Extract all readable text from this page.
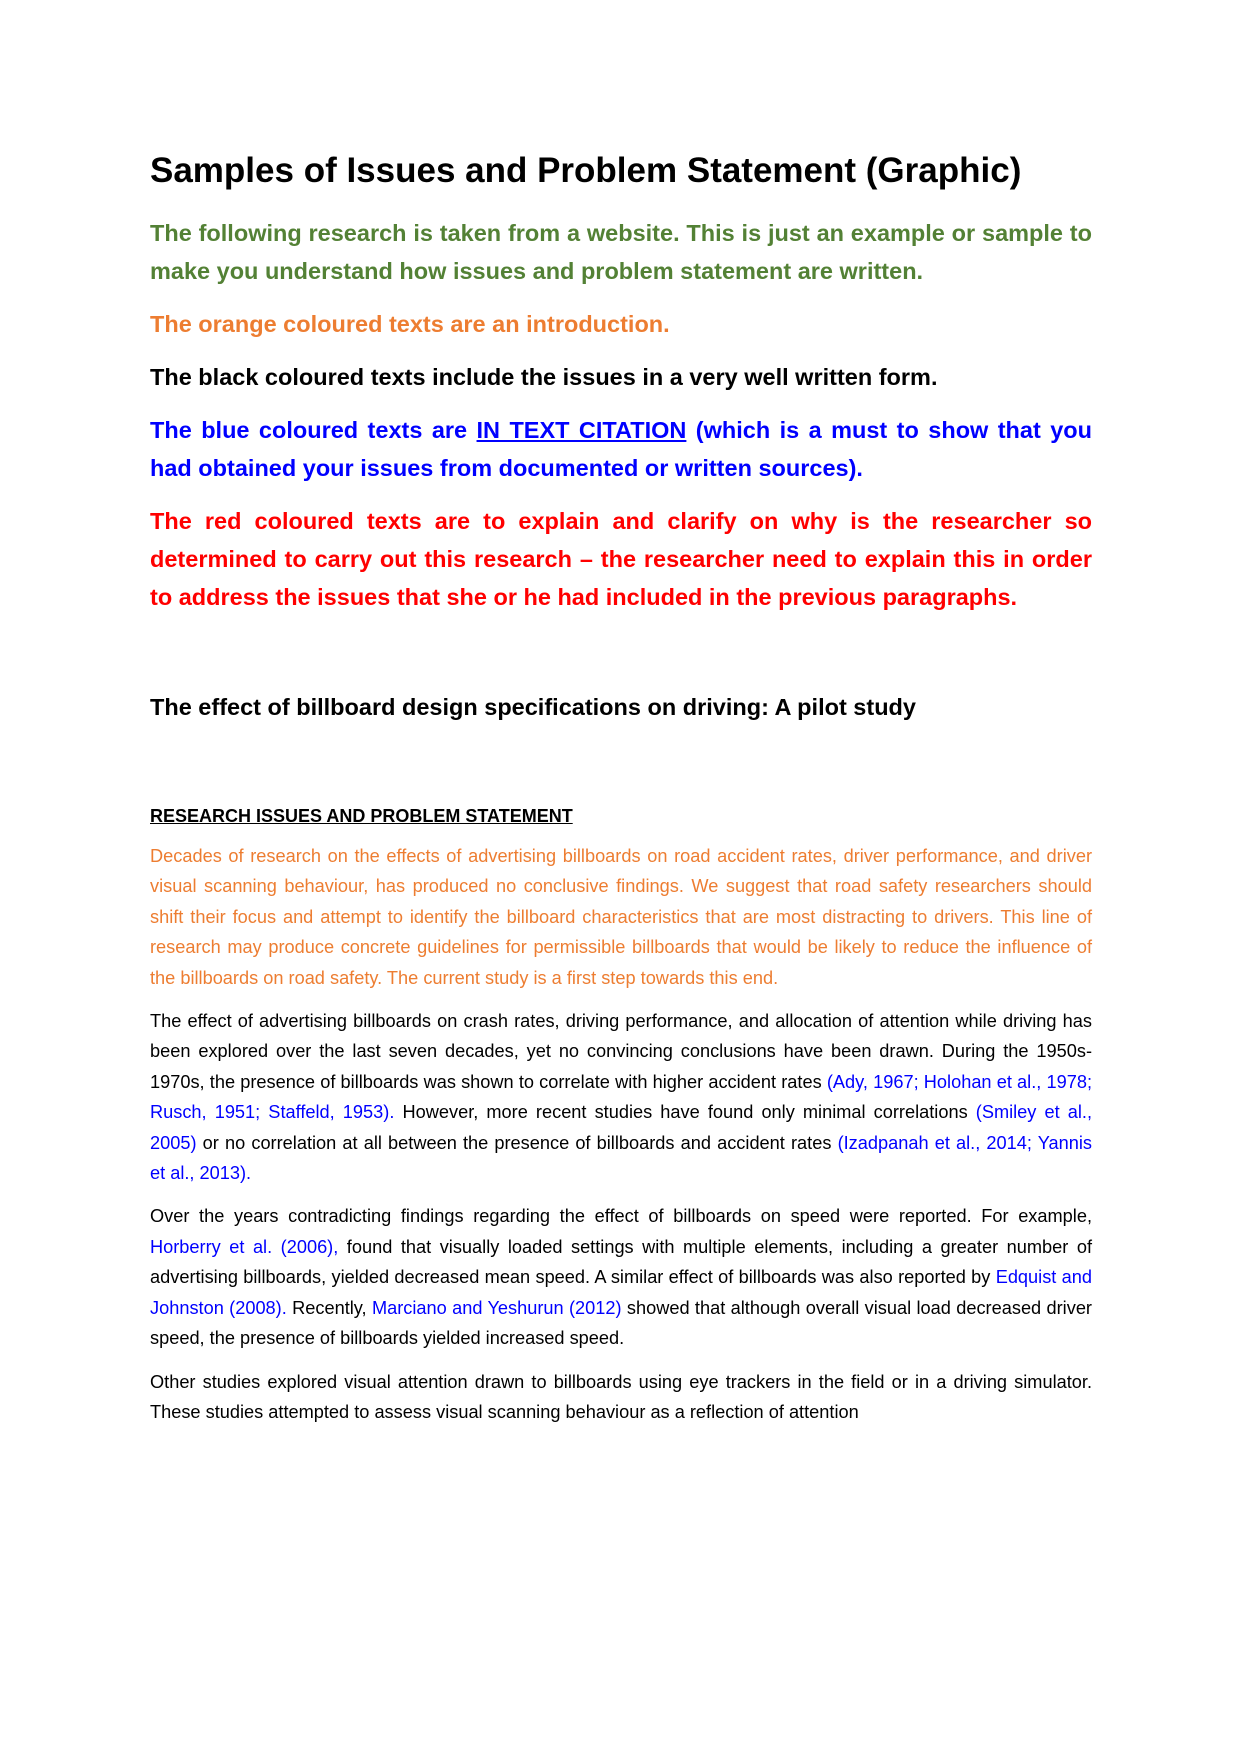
Samples of Issues and Problem Statement (Graphic)

The following research is taken from a website. This is just an example or sample to make you understand how issues and problem statement are written.

The orange coloured texts are an introduction.

The black coloured texts include the issues in a very well written form.

The blue coloured texts are IN TEXT CITATION (which is a must to show that you had obtained your issues from documented or written sources).

The red coloured texts are to explain and clarify on why is the researcher so determined to carry out this research – the researcher need to explain this in order to address the issues that she or he had included in the previous paragraphs.

The effect of billboard design specifications on driving: A pilot study
RESEARCH ISSUES AND PROBLEM STATEMENT

Decades of research on the effects of advertising billboards on road accident rates, driver performance, and driver visual scanning behaviour, has produced no conclusive findings. We suggest that road safety researchers should shift their focus and attempt to identify the billboard characteristics that are most distracting to drivers. This line of research may produce concrete guidelines for permissible billboards that would be likely to reduce the influence of the billboards on road safety. The current study is a first step towards this end.

The effect of advertising billboards on crash rates, driving performance, and allocation of attention while driving has been explored over the last seven decades, yet no convincing conclusions have been drawn. During the 1950s-1970s, the presence of billboards was shown to correlate with higher accident rates (Ady, 1967; Holohan et al., 1978; Rusch, 1951; Staffeld, 1953). However, more recent studies have found only minimal correlations (Smiley et al., 2005) or no correlation at all between the presence of billboards and accident rates (Izadpanah et al., 2014; Yannis et al., 2013).

Over the years contradicting findings regarding the effect of billboards on speed were reported. For example, Horberry et al. (2006), found that visually loaded settings with multiple elements, including a greater number of advertising billboards, yielded decreased mean speed. A similar effect of billboards was also reported by Edquist and Johnston (2008). Recently, Marciano and Yeshurun (2012) showed that although overall visual load decreased driver speed, the presence of billboards yielded increased speed.

Other studies explored visual attention drawn to billboards using eye trackers in the field or in a driving simulator. These studies attempted to assess visual scanning behaviour as a reflection of attention
